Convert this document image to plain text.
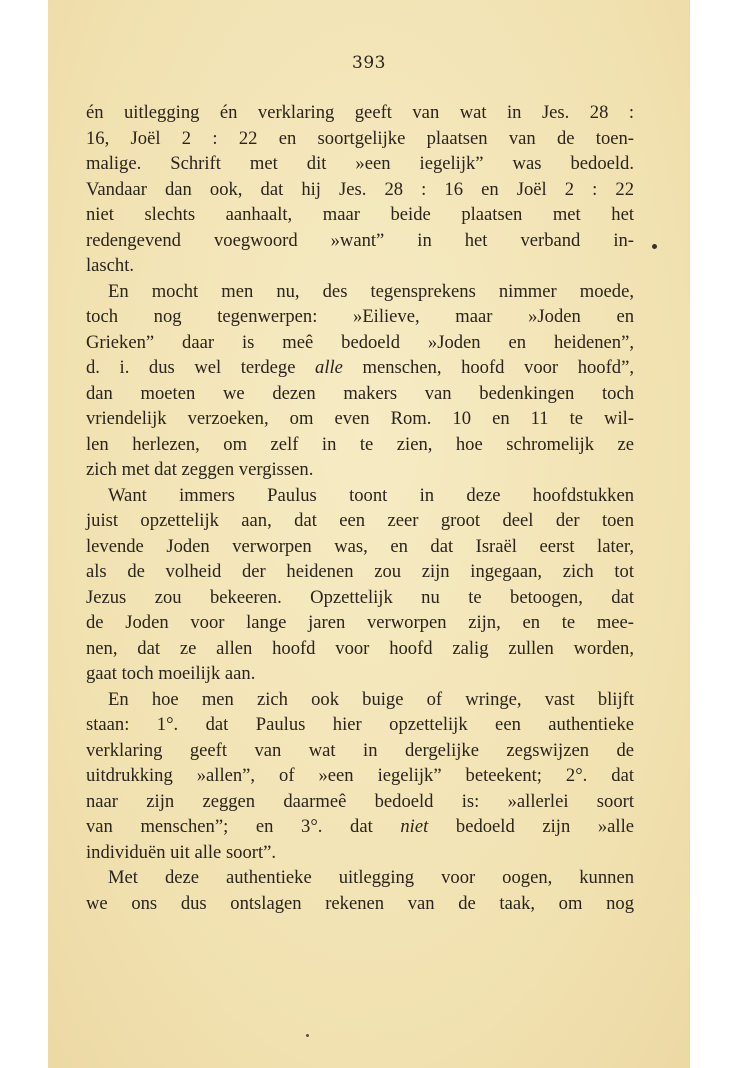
393
én uitlegging én verklaring geeft van wat in Jes. 28 :
16, Joël 2 : 22 en soortgelijke plaatsen van de toen-
malige. Schrift met dit »een iegelijk” was bedoeld.
Vandaar dan ook, dat hij Jes. 28 : 16 en Joël 2 : 22
niet slechts aanhaalt, maar beide plaatsen met het
redengevend voegwoord »want” in het verband in-
lascht.
En mocht men nu, des tegensprekens nimmer moede,
toch nog tegenwerpen: »Eilieve, maar »Joden en
Grieken” daar is meê bedoeld »Joden en heidenen”,
d. i. dus wel terdege alle menschen, hoofd voor hoofd”,
dan moeten we dezen makers van bedenkingen toch
vriendelijk verzoeken, om even Rom. 10 en 11 te wil-
len herlezen, om zelf in te zien, hoe schromelijk ze
zich met dat zeggen vergissen.
Want immers Paulus toont in deze hoofdstukken
juist opzettelijk aan, dat een zeer groot deel der toen
levende Joden verworpen was, en dat Israël eerst later,
als de volheid der heidenen zou zijn ingegaan, zich tot
Jezus zou bekeeren. Opzettelijk nu te betoogen, dat
de Joden voor lange jaren verworpen zijn, en te mee-
nen, dat ze allen hoofd voor hoofd zalig zullen worden,
gaat toch moeilijk aan.
En hoe men zich ook buige of wringe, vast blijft
staan: 1°. dat Paulus hier opzettelijk een authentieke
verklaring geeft van wat in dergelijke zegswijzen de
uitdrukking »allen”, of »een iegelijk” beteekent; 2°. dat
naar zijn zeggen daarmeê bedoeld is: »allerlei soort
van menschen”; en 3°. dat niet bedoeld zijn »alle
individuën uit alle soort”.
Met deze authentieke uitlegging voor oogen, kunnen
we ons dus ontslagen rekenen van de taak, om nog
